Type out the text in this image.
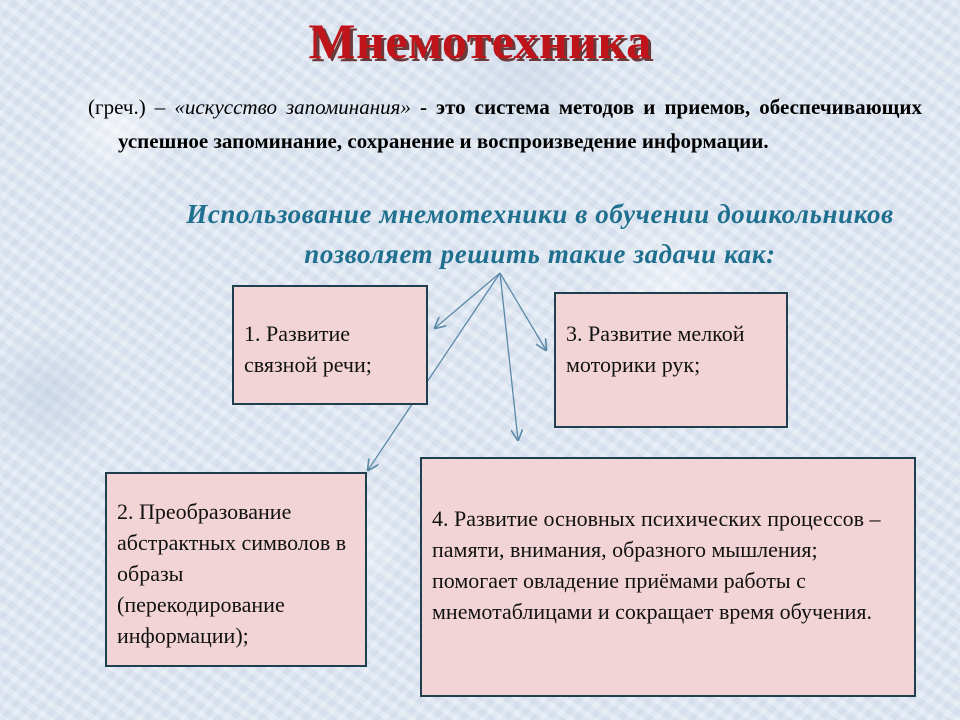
Мнемотехника
(греч.) – «искусство запоминания» - это система методов и приемов, обеспечивающих успешное запоминание, сохранение и воспроизведение информации.
Использование мнемотехники в обучении дошкольников позволяет решить такие задачи как:
1. Развитие связной речи;
3. Развитие мелкой моторики рук;
2. Преобразование абстрактных символов в образы (перекодирование информации);
4. Развитие основных психических процессов – памяти, внимания, образного мышления; помогает овладение приёмами работы с мнемотаблицами и сокращает время обучения.
